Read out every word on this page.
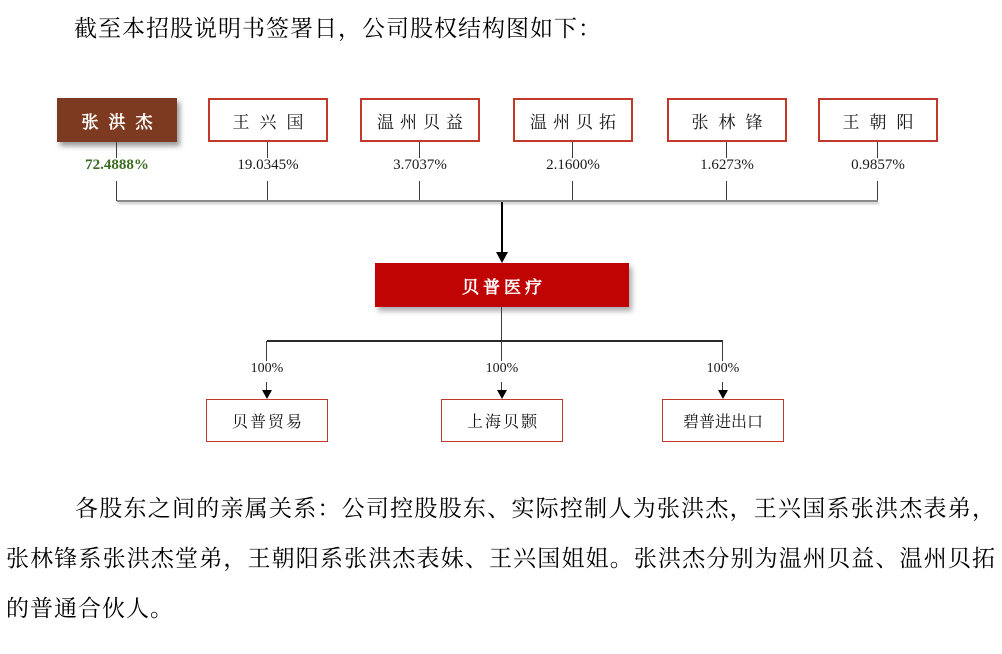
截至本招股说明书签署日，公司股权结构图如下：

张洪杰	王兴国	温州贝益	温州贝拓	张林锋	王朝阳
72.4888%	19.0345%	3.7037%	2.1600%	1.6273%	0.9857%
贝普医疗
100%	100%	100%
贝普贸易	上海贝颢	碧普进出口

各股东之间的亲属关系：公司控股股东、实际控制人为张洪杰，王兴国系张洪杰表弟，张林锋系张洪杰堂弟，王朝阳系张洪杰表妹、王兴国姐姐。张洪杰分别为温州贝益、温州贝拓的普通合伙人。
